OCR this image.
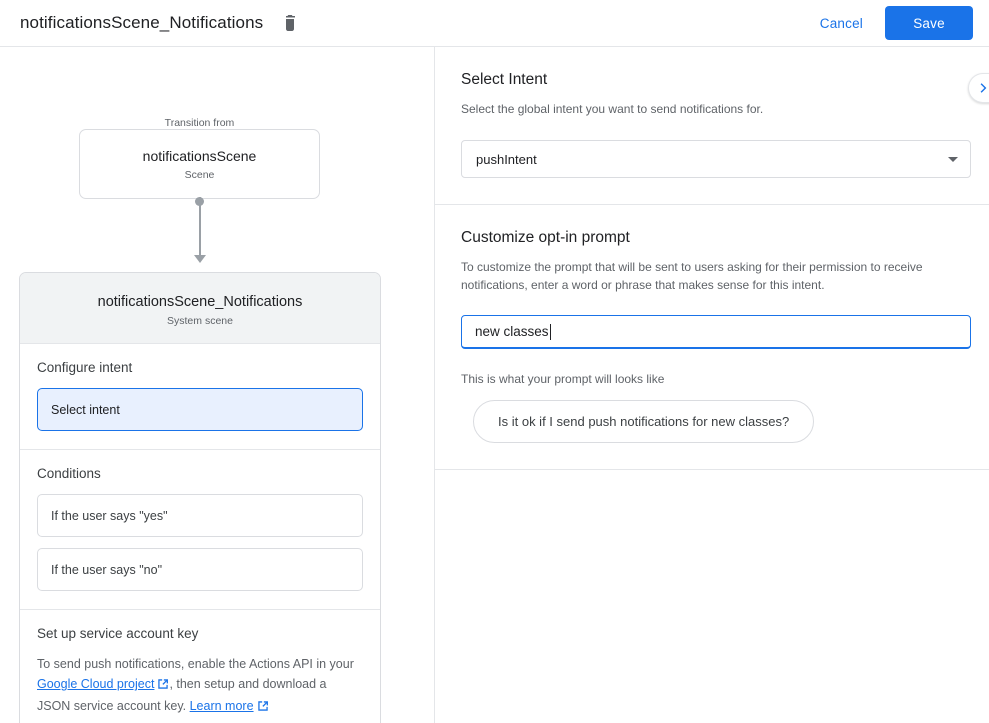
notificationsScene_Notifications	Cancel	Save
Transition from
notificationsScene
Scene
notificationsScene_Notifications
System scene
Configure intent
Select intent
Conditions
If the user says "yes"
If the user says "no"
Set up service account key
To send push notifications, enable the Actions API in your Google Cloud project , then setup and download a JSON service account key. Learn more
Select Intent

Select the global intent you want to send notifications for.

pushIntent
Customize opt-in prompt

To customize the prompt that will be sent to users asking for their permission to receive notifications, enter a word or phrase that makes sense for this intent.

new classes
This is what your prompt will looks like
Is it ok if I send push notifications for new classes?
